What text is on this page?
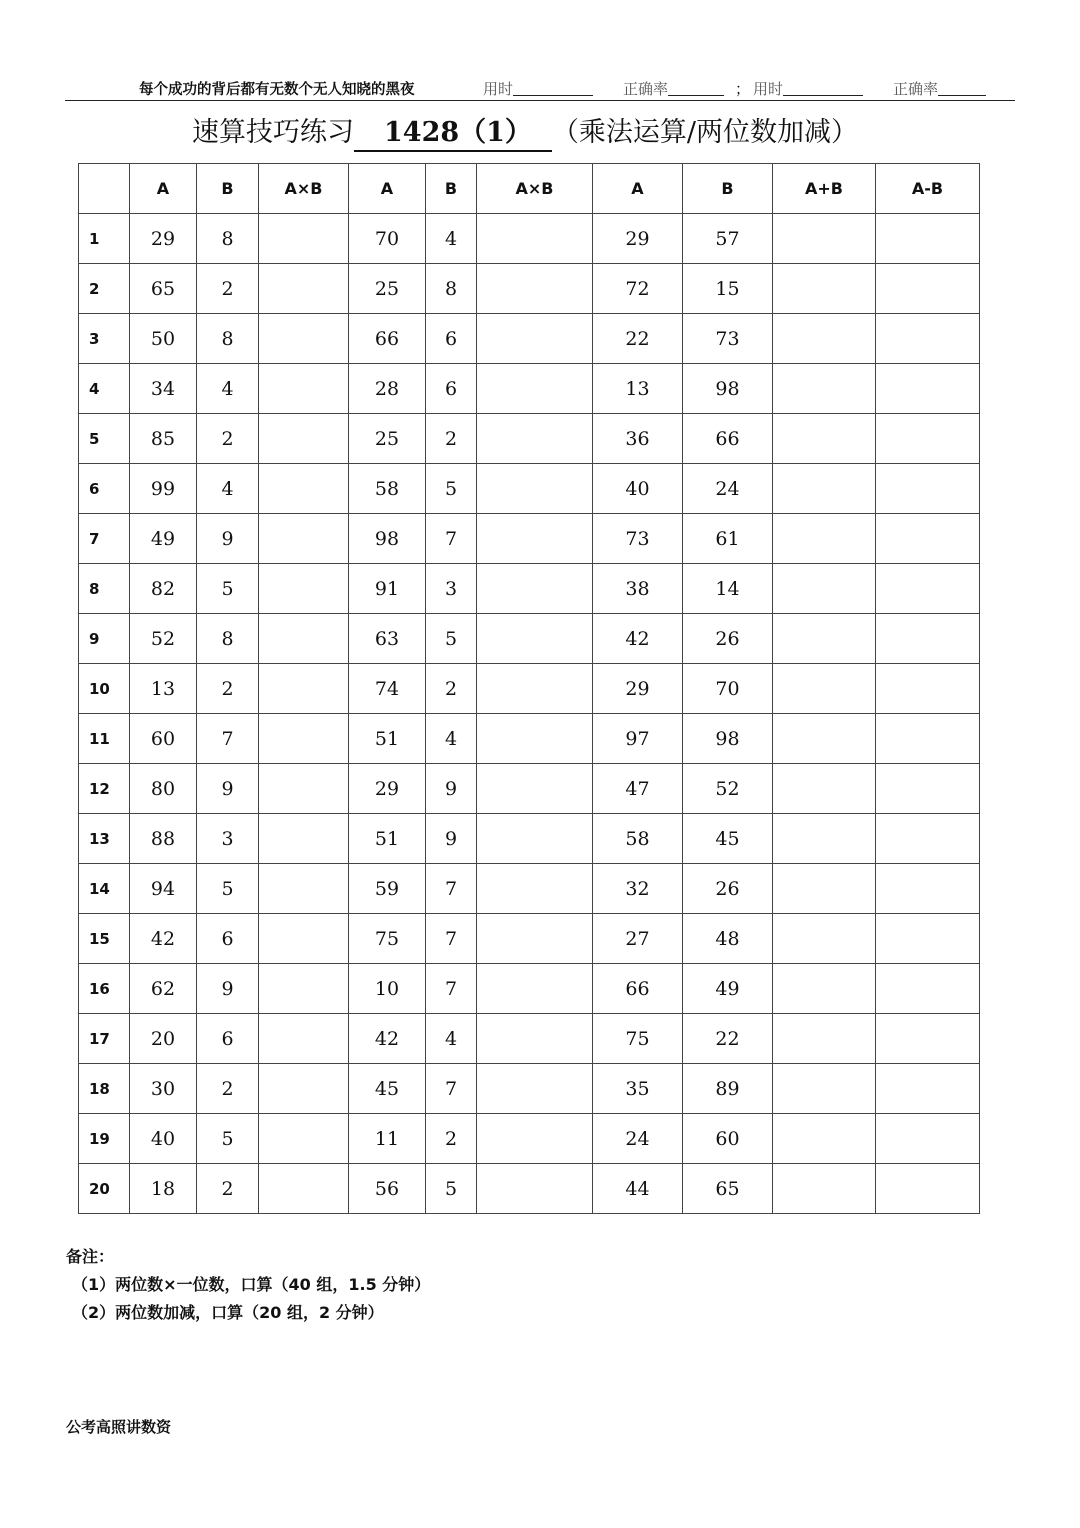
每个成功的背后都有无数个无人知晓的黑夜	用时	正确率	； 用时	正确率
速算技巧练习 1428（1） （乘法运算/两位数加减）
	A	B	A×B	A	B	A×B	A	B	A+B	A-B
1	29	8		70	4		29	57		
2	65	2		25	8		72	15		
3	50	8		66	6		22	73		
4	34	4		28	6		13	98		
5	85	2		25	2		36	66		
6	99	4		58	5		40	24		
7	49	9		98	7		73	61		
8	82	5		91	3		38	14		
9	52	8		63	5		42	26		
10	13	2		74	2		29	70		
11	60	7		51	4		97	98		
12	80	9		29	9		47	52		
13	88	3		51	9		58	45		
14	94	5		59	7		32	26		
15	42	6		75	7		27	48		
16	62	9		10	7		66	49		
17	20	6		42	4		75	22		
18	30	2		45	7		35	89		
19	40	5		11	2		24	60		
20	18	2		56	5		44	65		
备注：
（1）两位数×一位数，口算（40 组，1.5 分钟）
（2）两位数加减，口算（20 组，2 分钟）
公考高照讲数资
